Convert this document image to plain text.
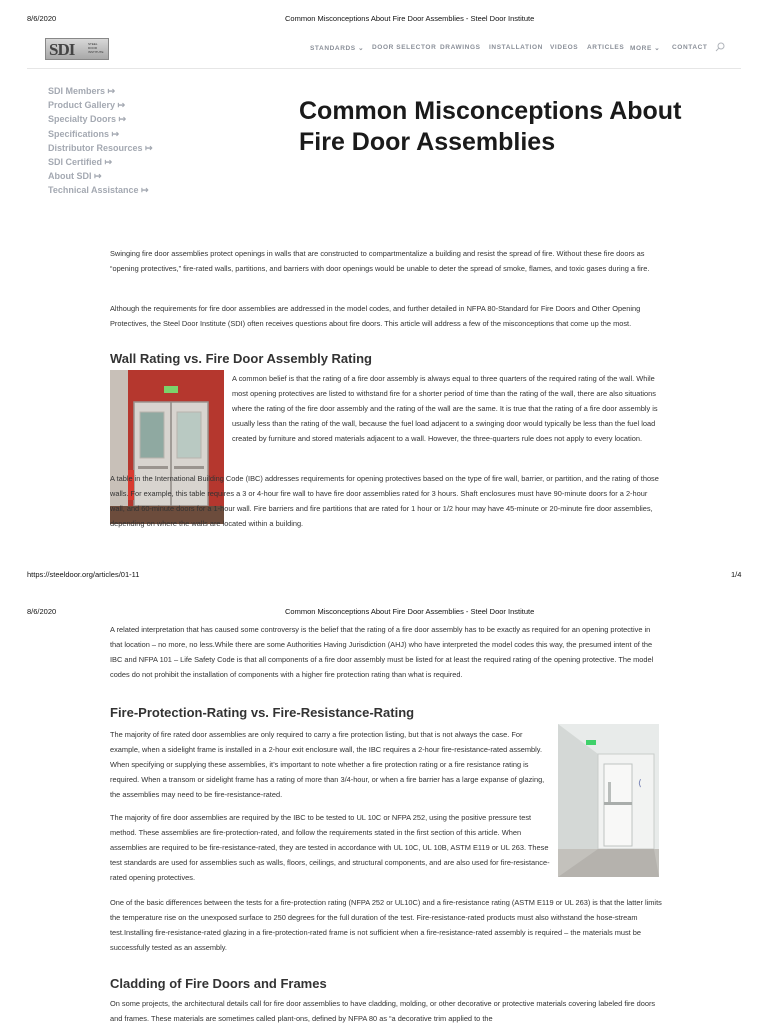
8/6/2020	Common Misconceptions About Fire Door Assemblies - Steel Door Institute
SDI	STEEL DOOR INSTITUTE	STANDARDS ⌄ DOOR SELECTOR DRAWINGS INSTALLATION VIDEOS ARTICLES MORE ⌄ CONTACT
SDI Members ↦
Product Gallery ↦
Specialty Doors ↦
Specifications ↦
Distributor Resources ↦
SDI Certified ↦
About SDI ↦
Technical Assistance ↦
Common Misconceptions About Fire Door Assemblies

Swinging fire door assemblies protect openings in walls that are constructed to compartmentalize a building and resist the spread of fire. Without these fire doors as “opening protectives,” fire-rated walls, partitions, and barriers with door openings would be unable to deter the spread of smoke, flames, and toxic gases during a fire.

Although the requirements for fire door assemblies are addressed in the model codes, and further detailed in NFPA 80-Standard for Fire Doors and Other Opening Protectives, the Steel Door Institute (SDI) often receives questions about fire doors. This article will address a few of the misconceptions that come up the most.

Wall Rating vs. Fire Door Assembly Rating

A common belief is that the rating of a fire door assembly is always equal to three quarters of the required rating of the wall. While most opening protectives are listed to withstand fire for a shorter period of time than the rating of the wall, there are also situations where the rating of the fire door assembly and the rating of the wall are the same. It is true that the rating of a fire door assembly is usually less than the rating of the wall, because the fuel load adjacent to a swinging door would typically be less than the fuel load created by furniture and stored materials adjacent to a wall. However, the three-quarters rule does not apply to every location.

A table in the International Building Code (IBC) addresses requirements for opening protectives based on the type of fire wall, barrier, or partition, and the rating of those walls. For example, this table requires a 3 or 4-hour fire wall to have fire door assemblies rated for 3 hours. Shaft enclosures must have 90-minute doors for a 2-hour wall, and 60-minute doors for a 1-hour wall. Fire barriers and fire partitions that are rated for 1 hour or 1/2 hour may have 45-minute or 20-minute fire door assemblies, depending on where the walls are located within a building.

https://steeldoor.org/articles/01-11	1/4
8/6/2020	Common Misconceptions About Fire Door Assemblies - Steel Door Institute

A related interpretation that has caused some controversy is the belief that the rating of a fire door assembly has to be exactly as required for an opening protective in that location – no more, no less.While there are some Authorities Having Jurisdiction (AHJ) who have interpreted the model codes this way, the presumed intent of the IBC and NFPA 101 – Life Safety Code is that all components of a fire door assembly must be listed for at least the required rating of the opening protective. The model codes do not prohibit the installation of components with a higher fire protection rating than what is required.

Fire-Protection-Rating vs. Fire-Resistance-Rating

The majority of fire rated door assemblies are only required to carry a fire protection listing, but that is not always the case. For example, when a sidelight frame is installed in a 2-hour exit enclosure wall, the IBC requires a 2-hour fire-resistance-rated assembly. When specifying or supplying these assemblies, it’s important to note whether a fire protection rating or a fire resistance rating is required. When a transom or sidelight frame has a rating of more than 3/4-hour, or when a fire barrier has a large expanse of glazing, the assemblies may need to be fire-resistance-rated.

⟨

The majority of fire door assemblies are required by the IBC to be tested to UL 10C or NFPA 252, using the positive pressure test method. These assemblies are fire-protection-rated, and follow the requirements stated in the first section of this article. When assemblies are required to be fire-resistance-rated, they are tested in accordance with UL 10C, UL 10B, ASTM E119 or UL 263. These test standards are used for assemblies such as walls, floors, ceilings, and structural components, and are also used for fire-resistance-rated opening protectives.

One of the basic differences between the tests for a fire-protection rating (NFPA 252 or UL10C) and a fire-resistance rating (ASTM E119 or UL 263) is that the latter limits the temperature rise on the unexposed surface to 250 degrees for the full duration of the test. Fire-resistance-rated products must also withstand the hose-stream test.Installing fire-resistance-rated glazing in a fire-protection-rated frame is not sufficient when a fire-resistance-rated assembly is required – the materials must be successfully tested as an assembly.

Cladding of Fire Doors and Frames

On some projects, the architectural details call for fire door assemblies to have cladding, molding, or other decorative or protective materials covering labeled fire doors and frames. These materials are sometimes called plant-ons, defined by NFPA 80 as “a decorative trim applied to the
